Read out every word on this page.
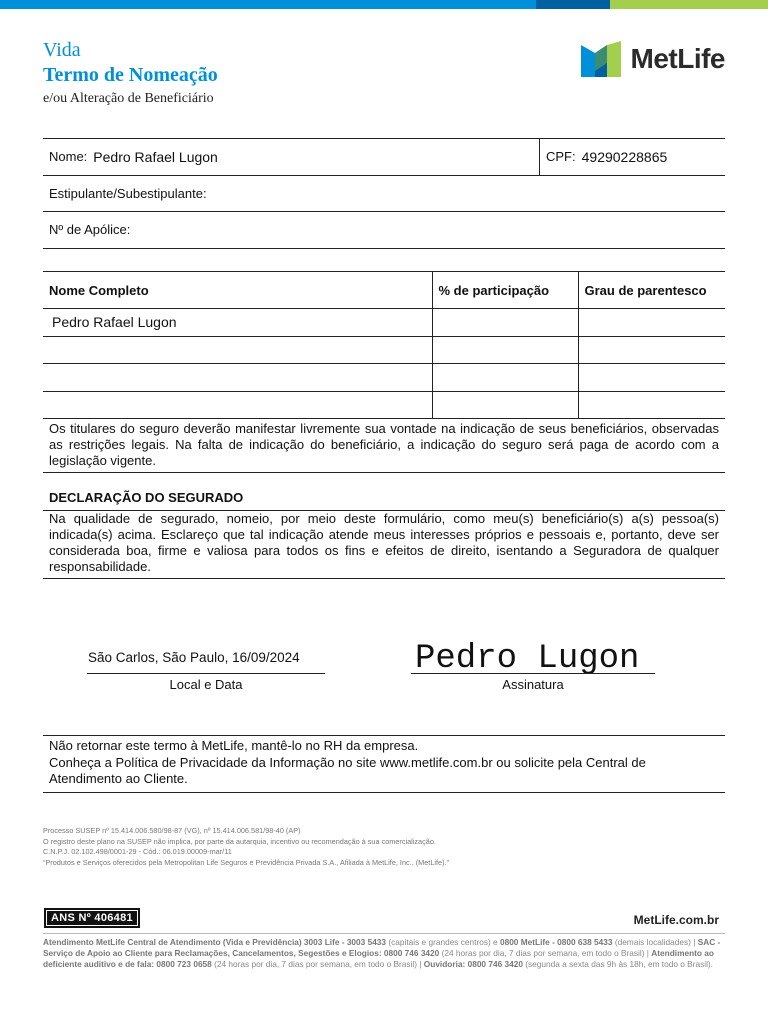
Vida
Termo de Nomeação
e/ou Alteração de Beneficiário
MetLife
Nome: Pedro Rafael Lugon	CPF: 49290228865
Estipulante/Subestipulante:
Nº de Apólice:
Nome Completo	% de participação	Grau de parentesco
Pedro Rafael Lugon		

Os titulares do seguro deverão manifestar livremente sua vontade na indicação de seus beneficiários, observadas as restrições legais. Na falta de indicação do beneficiário, a indicação do seguro será paga de acordo com a legislação vigente.
DECLARAÇÃO DO SEGURADO
Na qualidade de segurado, nomeio, por meio deste formulário, como meu(s) beneficiário(s) a(s) pessoa(s) indicada(s) acima. Esclareço que tal indicação atende meus interesses próprios e pessoais e, portanto, deve ser considerada boa, firme e valiosa para todos os fins e efeitos de direito, isentando a Seguradora de qualquer responsabilidade.
São Carlos, São Paulo, 16/09/2024
Local e Data
Pedro Lugon
Assinatura
Não retornar este termo à MetLife, mantê-lo no RH da empresa.
Conheça a Política de Privacidade da Informação no site www.metlife.com.br ou solicite pela Central de Atendimento ao Cliente.

Processo SUSEP nº 15.414.006.580/98-87 (VG), nº 15.414.006.581/98-40 (AP)

O registro deste plano na SUSEP não implica, por parte da autarquia, incentivo ou recomendação à sua comercialização.

C.N.P.J. 02.102.498/0001-29 - Cód.: 06.019.00009-mar/11

“Produtos e Serviços oferecidos pela Metropolitan Life Seguros e Previdência Privada S.A., Afiliada à MetLife, Inc., (MetLife).”

ANS Nº 406481	MetLife.com.br
Atendimento MetLife Central de Atendimento (Vida e Previdência) 3003 Life - 3003 5433 (capitais e grandes centros) e 0800 MetLife - 0800 638 5433 (demais localidades) | SAC - Serviço de Apoio ao Cliente para Reclamações, Cancelamentos, Segestões e Elogios: 0800 746 3420 (24 horas por dia, 7 dias por semana, em todo o Brasil) | Atendimento ao deficiente auditivo e de fala: 0800 723 0658 (24 horas por dia, 7 dias por semana, em todo o Brasil) | Ouvidoria: 0800 746 3420 (segunda a sexta das 9h às 18h, em todo o Brasil).
